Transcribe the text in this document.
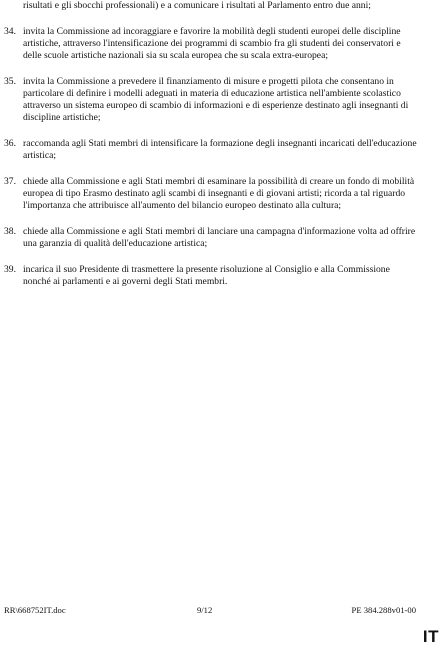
risultati e gli sbocchi professionali) e a comunicare i risultati al Parlamento entro due anni;

34. invita la Commissione ad incoraggiare e favorire la mobilità degli studenti europei delle discipline artistiche, attraverso l'intensificazione dei programmi di scambio fra gli studenti dei conservatori e delle scuole artistiche nazionali sia su scala europea che su scala extra-europea;
35. invita la Commissione a prevedere il finanziamento di misure e progetti pilota che consentano in particolare di definire i modelli adeguati in materia di educazione artistica nell'ambiente scolastico attraverso un sistema europeo di scambio di informazioni e di esperienze destinato agli insegnanti di discipline artistiche;
36. raccomanda agli Stati membri di intensificare la formazione degli insegnanti incaricati dell'educazione artistica;
37. chiede alla Commissione e agli Stati membri di esaminare la possibilità di creare un fondo di mobilità europea di tipo Erasmo destinato agli scambi di insegnanti e di giovani artisti; ricorda a tal riguardo l'importanza che attribuisce all'aumento del bilancio europeo destinato alla cultura;
38. chiede alla Commissione e agli Stati membri di lanciare una campagna d'informazione volta ad offrire una garanzia di qualità dell'educazione artistica;
39. incarica il suo Presidente di trasmettere la presente risoluzione al Consiglio e alla Commissione nonché ai parlamenti e ai governi degli Stati membri.
RR\668752IT.doc	9/12	PE 384.288v01-00
IT
